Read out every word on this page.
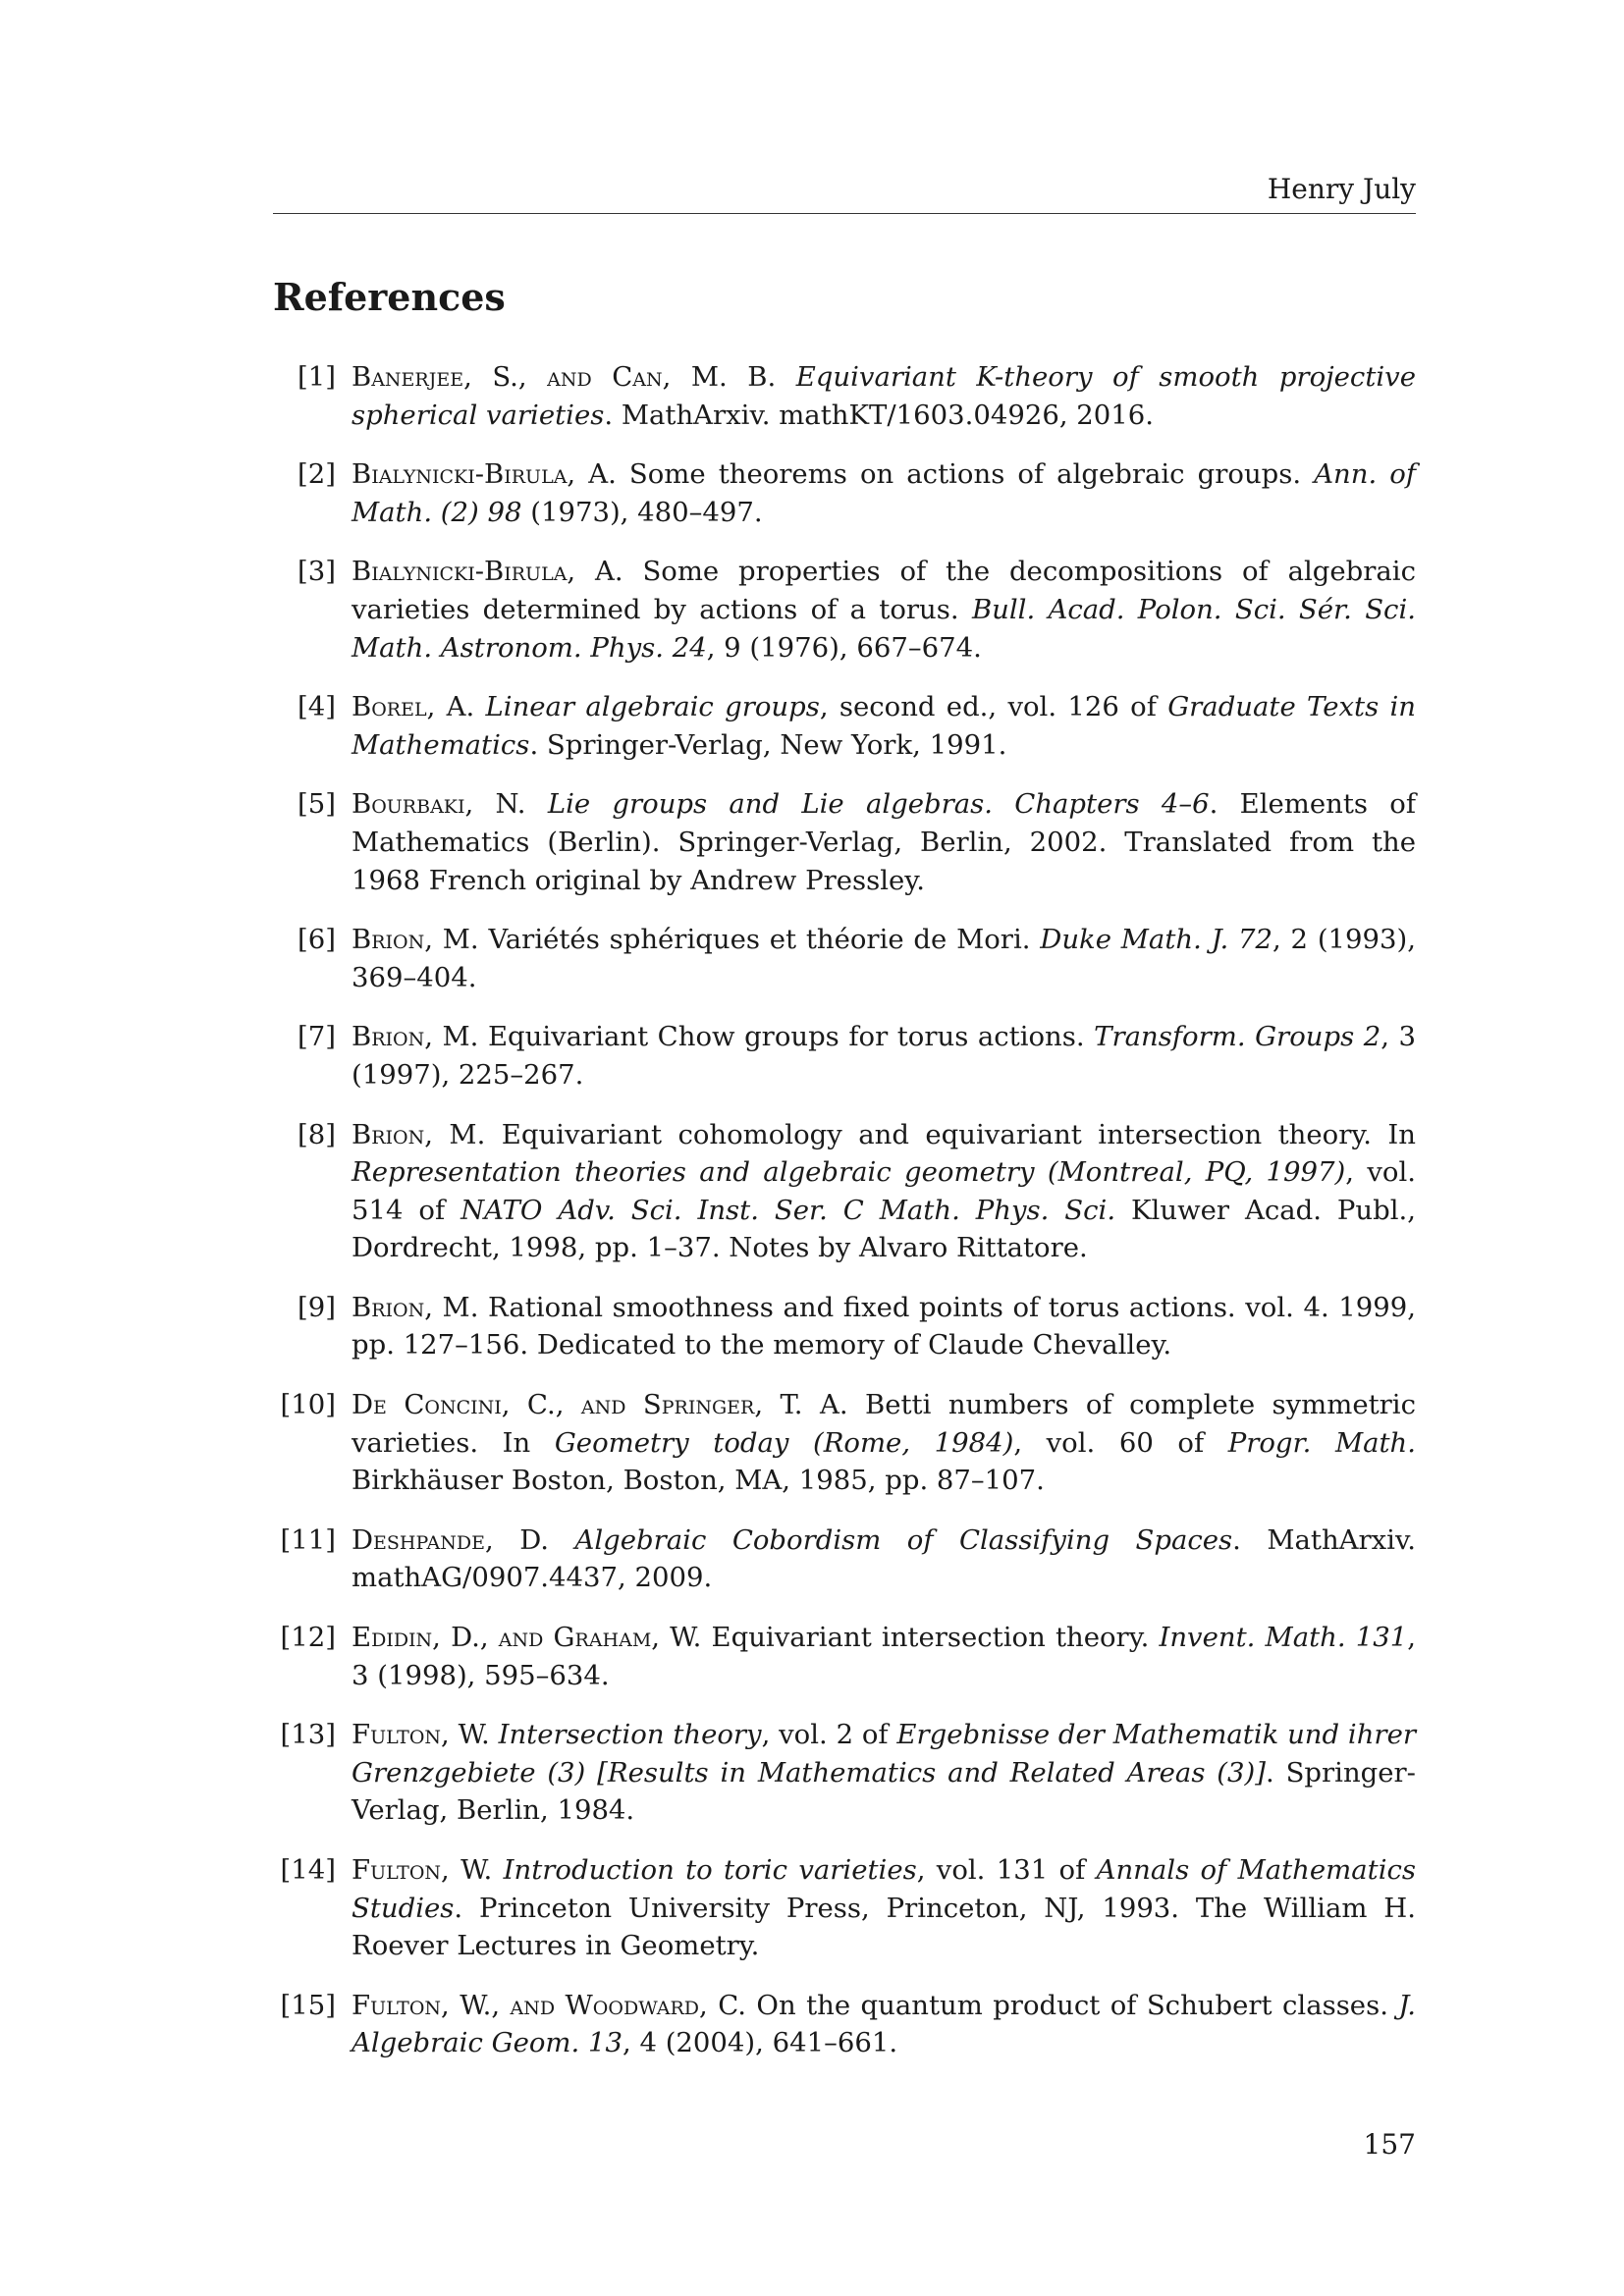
Henry July
References
[1] Banerjee, S., and Can, M. B. Equivariant K-theory of smooth projective spherical varieties. MathArxiv. mathKT/1603.04926, 2016.
[2] Bialynicki-Birula, A. Some theorems on actions of algebraic groups. Ann. of Math. (2) 98 (1973), 480–497.
[3] Bialynicki-Birula, A. Some properties of the decompositions of algebraic varieties determined by actions of a torus. Bull. Acad. Polon. Sci. Sér. Sci. Math. Astronom. Phys. 24, 9 (1976), 667–674.
[4] Borel, A. Linear algebraic groups, second ed., vol. 126 of Graduate Texts in Mathematics. Springer-Verlag, New York, 1991.
[5] Bourbaki, N. Lie groups and Lie algebras. Chapters 4–6. Elements of Mathematics (Berlin). Springer-Verlag, Berlin, 2002. Translated from the 1968 French original by Andrew Pressley.
[6] Brion, M. Variétés sphériques et théorie de Mori. Duke Math. J. 72, 2 (1993), 369–404.
[7] Brion, M. Equivariant Chow groups for torus actions. Transform. Groups 2, 3 (1997), 225–267.
[8] Brion, M. Equivariant cohomology and equivariant intersection theory. In Representation theories and algebraic geometry (Montreal, PQ, 1997), vol. 514 of NATO Adv. Sci. Inst. Ser. C Math. Phys. Sci. Kluwer Acad. Publ., Dordrecht, 1998, pp. 1–37. Notes by Alvaro Rittatore.
[9] Brion, M. Rational smoothness and fixed points of torus actions. vol. 4. 1999, pp. 127–156. Dedicated to the memory of Claude Chevalley.
[10] De Concini, C., and Springer, T. A. Betti numbers of complete symmetric varieties. In Geometry today (Rome, 1984), vol. 60 of Progr. Math. Birkhäuser Boston, Boston, MA, 1985, pp. 87–107.
[11] Deshpande, D. Algebraic Cobordism of Classifying Spaces. MathArxiv. mathAG/0907.4437, 2009.
[12] Edidin, D., and Graham, W. Equivariant intersection theory. Invent. Math. 131, 3 (1998), 595–634.
[13] Fulton, W. Intersection theory, vol. 2 of Ergebnisse der Mathematik und ihrer Grenzgebiete (3) [Results in Mathematics and Related Areas (3)]. Springer-Verlag, Berlin, 1984.
[14] Fulton, W. Introduction to toric varieties, vol. 131 of Annals of Mathematics Studies. Princeton University Press, Princeton, NJ, 1993. The William H. Roever Lectures in Geometry.
[15] Fulton, W., and Woodward, C. On the quantum product of Schubert classes. J. Algebraic Geom. 13, 4 (2004), 641–661.
157
